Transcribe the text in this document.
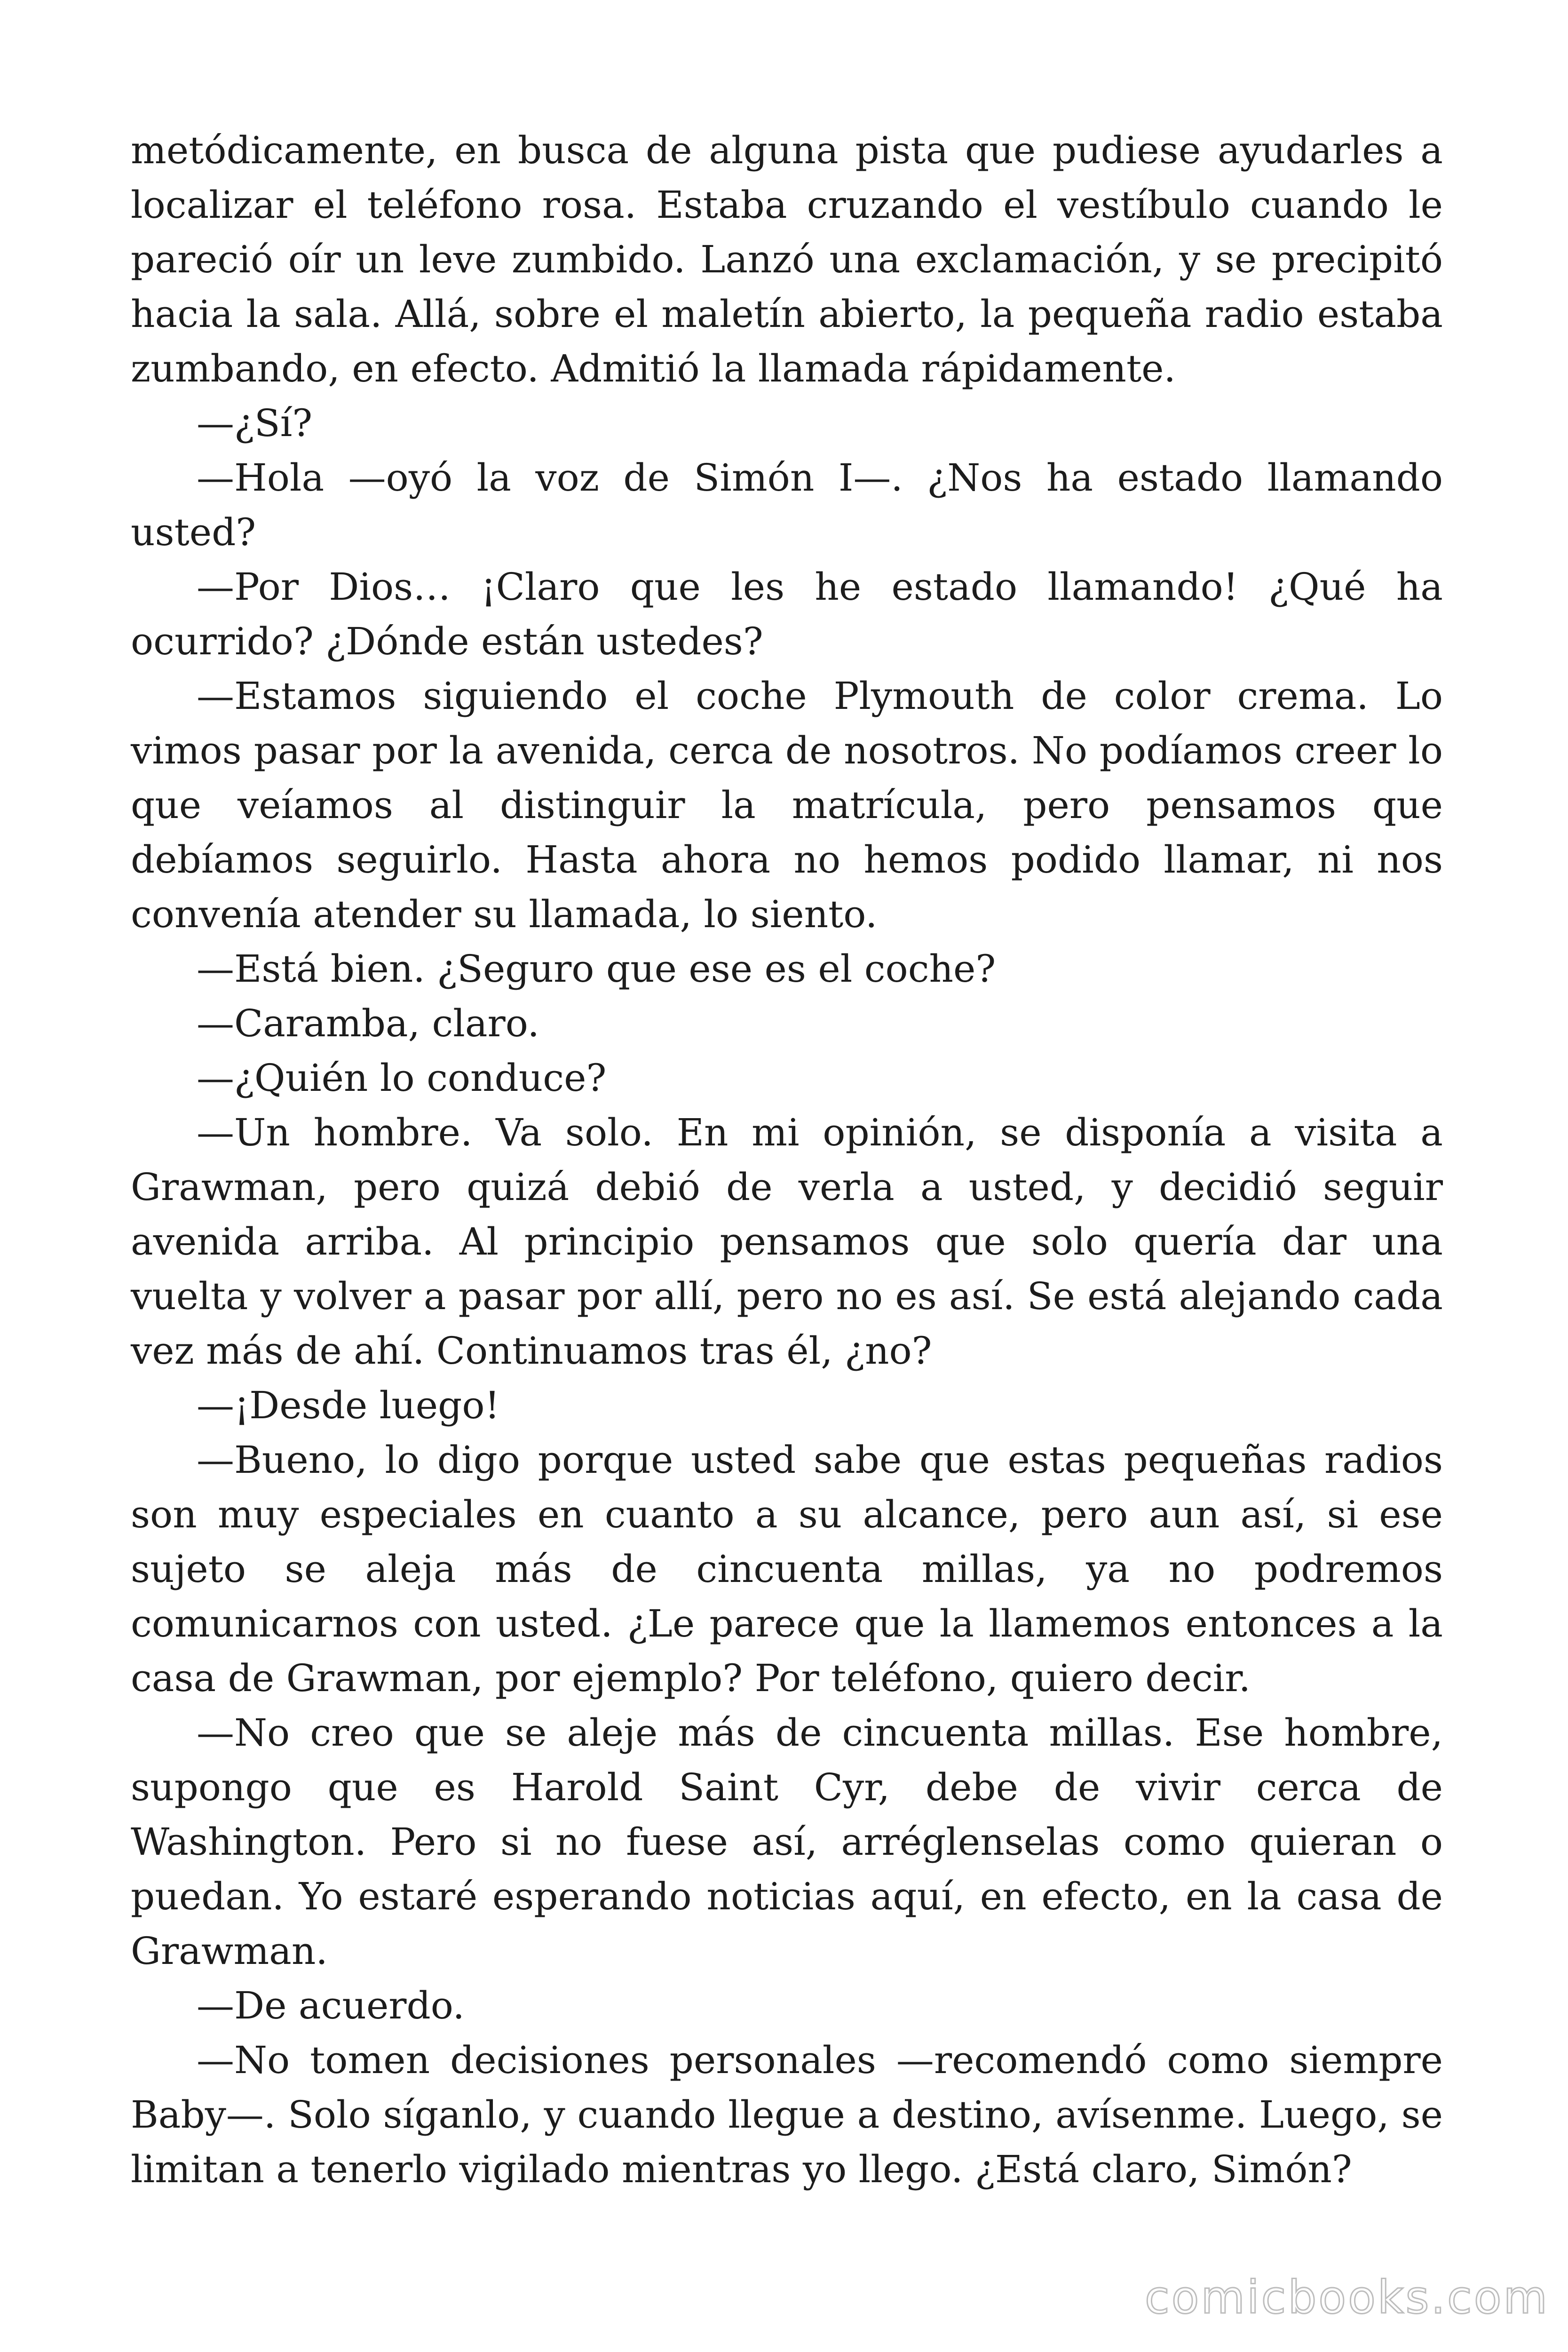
metódicamente, en busca de alguna pista que pudiese ayudarles a localizar el teléfono rosa. Estaba cruzando el vestíbulo cuando le pareció oír un leve zumbido. Lanzó una exclamación, y se precipitó hacia la sala. Allá, sobre el maletín abierto, la pequeña radio estaba zumbando, en efecto. Admitió la llamada rápidamente.

—¿Sí?

—Hola —oyó la voz de Simón I—. ¿Nos ha estado llamando usted?

—Por Dios… ¡Claro que les he estado llamando! ¿Qué ha ocurrido? ¿Dónde están ustedes?

—Estamos siguiendo el coche Plymouth de color crema. Lo vimos pasar por la avenida, cerca de nosotros. No podíamos creer lo que veíamos al distinguir la matrícula, pero pensamos que debíamos seguirlo. Hasta ahora no hemos podido llamar, ni nos convenía atender su llamada, lo siento.

—Está bien. ¿Seguro que ese es el coche?

—Caramba, claro.

—¿Quién lo conduce?

—Un hombre. Va solo. En mi opinión, se disponía a visita a Grawman, pero quizá debió de verla a usted, y decidió seguir avenida arriba. Al principio pensamos que solo quería dar una vuelta y volver a pasar por allí, pero no es así. Se está alejando cada vez más de ahí. Continuamos tras él, ¿no?

—¡Desde luego!

—Bueno, lo digo porque usted sabe que estas pequeñas radios son muy especiales en cuanto a su alcance, pero aun así, si ese sujeto se aleja más de cincuenta millas, ya no podremos comunicarnos con usted. ¿Le parece que la llamemos entonces a la casa de Grawman, por ejemplo? Por teléfono, quiero decir.

—No creo que se aleje más de cincuenta millas. Ese hombre, supongo que es Harold Saint Cyr, debe de vivir cerca de Washington. Pero si no fuese así, arréglenselas como quieran o puedan. Yo estaré esperando noticias aquí, en efecto, en la casa de Grawman.

—De acuerdo.

—No tomen decisiones personales —recomendó como siempre Baby—. Solo síganlo, y cuando llegue a destino, avísenme. Luego, se limitan a tenerlo vigilado mientras yo llego. ¿Está claro, Simón?

comicbooks.com
